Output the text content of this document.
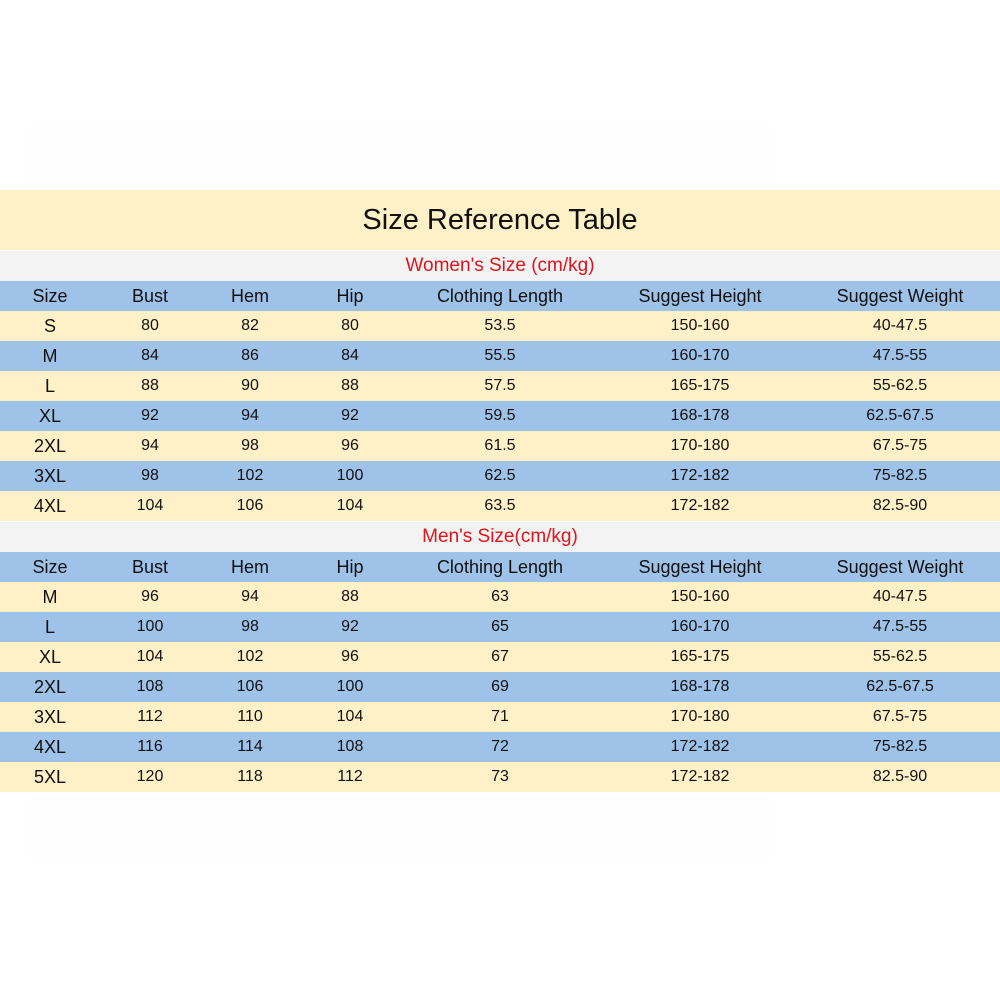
Size Reference Table
Women's Size (cm/kg)
Size	Bust	Hem	Hip	Clothing Length	Suggest Height	Suggest Weight
S	80	82	80	53.5	150-160	40-47.5
M	84	86	84	55.5	160-170	47.5-55
L	88	90	88	57.5	165-175	55-62.5
XL	92	94	92	59.5	168-178	62.5-67.5
2XL	94	98	96	61.5	170-180	67.5-75
3XL	98	102	100	62.5	172-182	75-82.5
4XL	104	106	104	63.5	172-182	82.5-90
Men's Size(cm/kg)
Size	Bust	Hem	Hip	Clothing Length	Suggest Height	Suggest Weight
M	96	94	88	63	150-160	40-47.5
L	100	98	92	65	160-170	47.5-55
XL	104	102	96	67	165-175	55-62.5
2XL	108	106	100	69	168-178	62.5-67.5
3XL	112	110	104	71	170-180	67.5-75
4XL	116	114	108	72	172-182	75-82.5
5XL	120	118	112	73	172-182	82.5-90
